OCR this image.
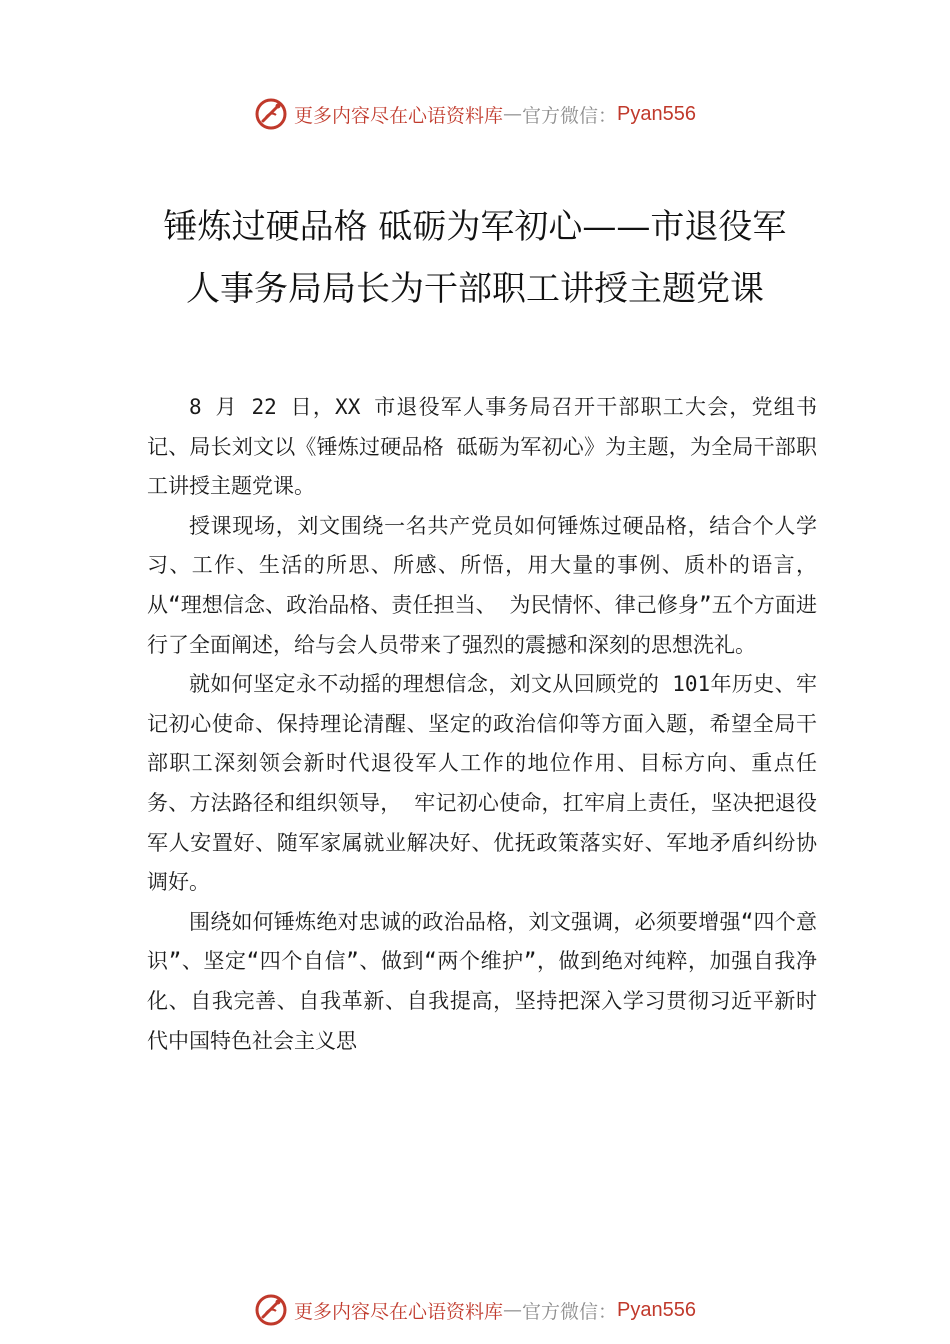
更多内容尽在心语资料库 — 官方微信： Pyan556
锤炼过硬品格 砥砺为军初心——市退役军
人事务局局长为干部职工讲授主题党课

8 月 22 日，XX 市退役军人事务局召开干部职工大会，党组书记、局长刘文以《锤炼过硬品格 砥砺为军初心》为主题，为全局干部职工讲授主题党课。

授课现场，刘文围绕一名共产党员如何锤炼过硬品格，结合个人学习、工作、生活的所思、所感、所悟，用大量的事例、质朴的语言，从“理想信念、政治品格、责任担当、 为民情怀、律己修身”五个方面进行了全面阐述，给与会人员带来了强烈的震撼和深刻的思想洗礼。

就如何坚定永不动摇的理想信念，刘文从回顾党的 101年历史、牢记初心使命、保持理论清醒、坚定的政治信仰等方面入题，希望全局干部职工深刻领会新时代退役军人工作的地位作用、目标方向、重点任务、方法路径和组织领导， 牢记初心使命，扛牢肩上责任，坚决把退役军人安置好、随军家属就业解决好、优抚政策落实好、军地矛盾纠纷协调好。

围绕如何锤炼绝对忠诚的政治品格，刘文强调，必须要增强“四个意识”、坚定“四个自信”、做到“两个维护”，做到绝对纯粹，加强自我净化、自我完善、自我革新、自我提高，坚持把深入学习贯彻习近平新时代中国特色社会主义思

更多内容尽在心语资料库 — 官方微信： Pyan556
